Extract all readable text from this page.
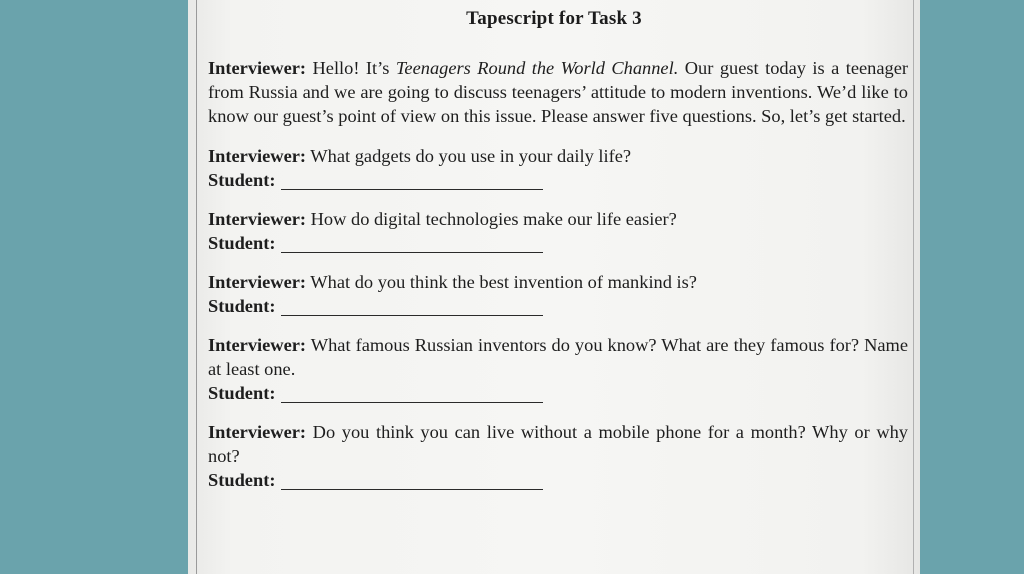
Tapescript for Task 3

Interviewer: Hello! It’s Teenagers Round the World Channel. Our guest today is a teenager from Russia and we are going to discuss teenagers’ attitude to modern inventions. We’d like to know our guest’s point of view on this issue. Please answer five questions. So, let’s get started.

Interviewer: What gadgets do you use in your daily life?
Student:
Interviewer: How do digital technologies make our life easier?
Student:
Interviewer: What do you think the best invention of mankind is?
Student:
Interviewer: What famous Russian inventors do you know? What are they famous for? Name at least one.
Student:
Interviewer: Do you think you can live without a mobile phone for a month? Why or why not?
Student:
